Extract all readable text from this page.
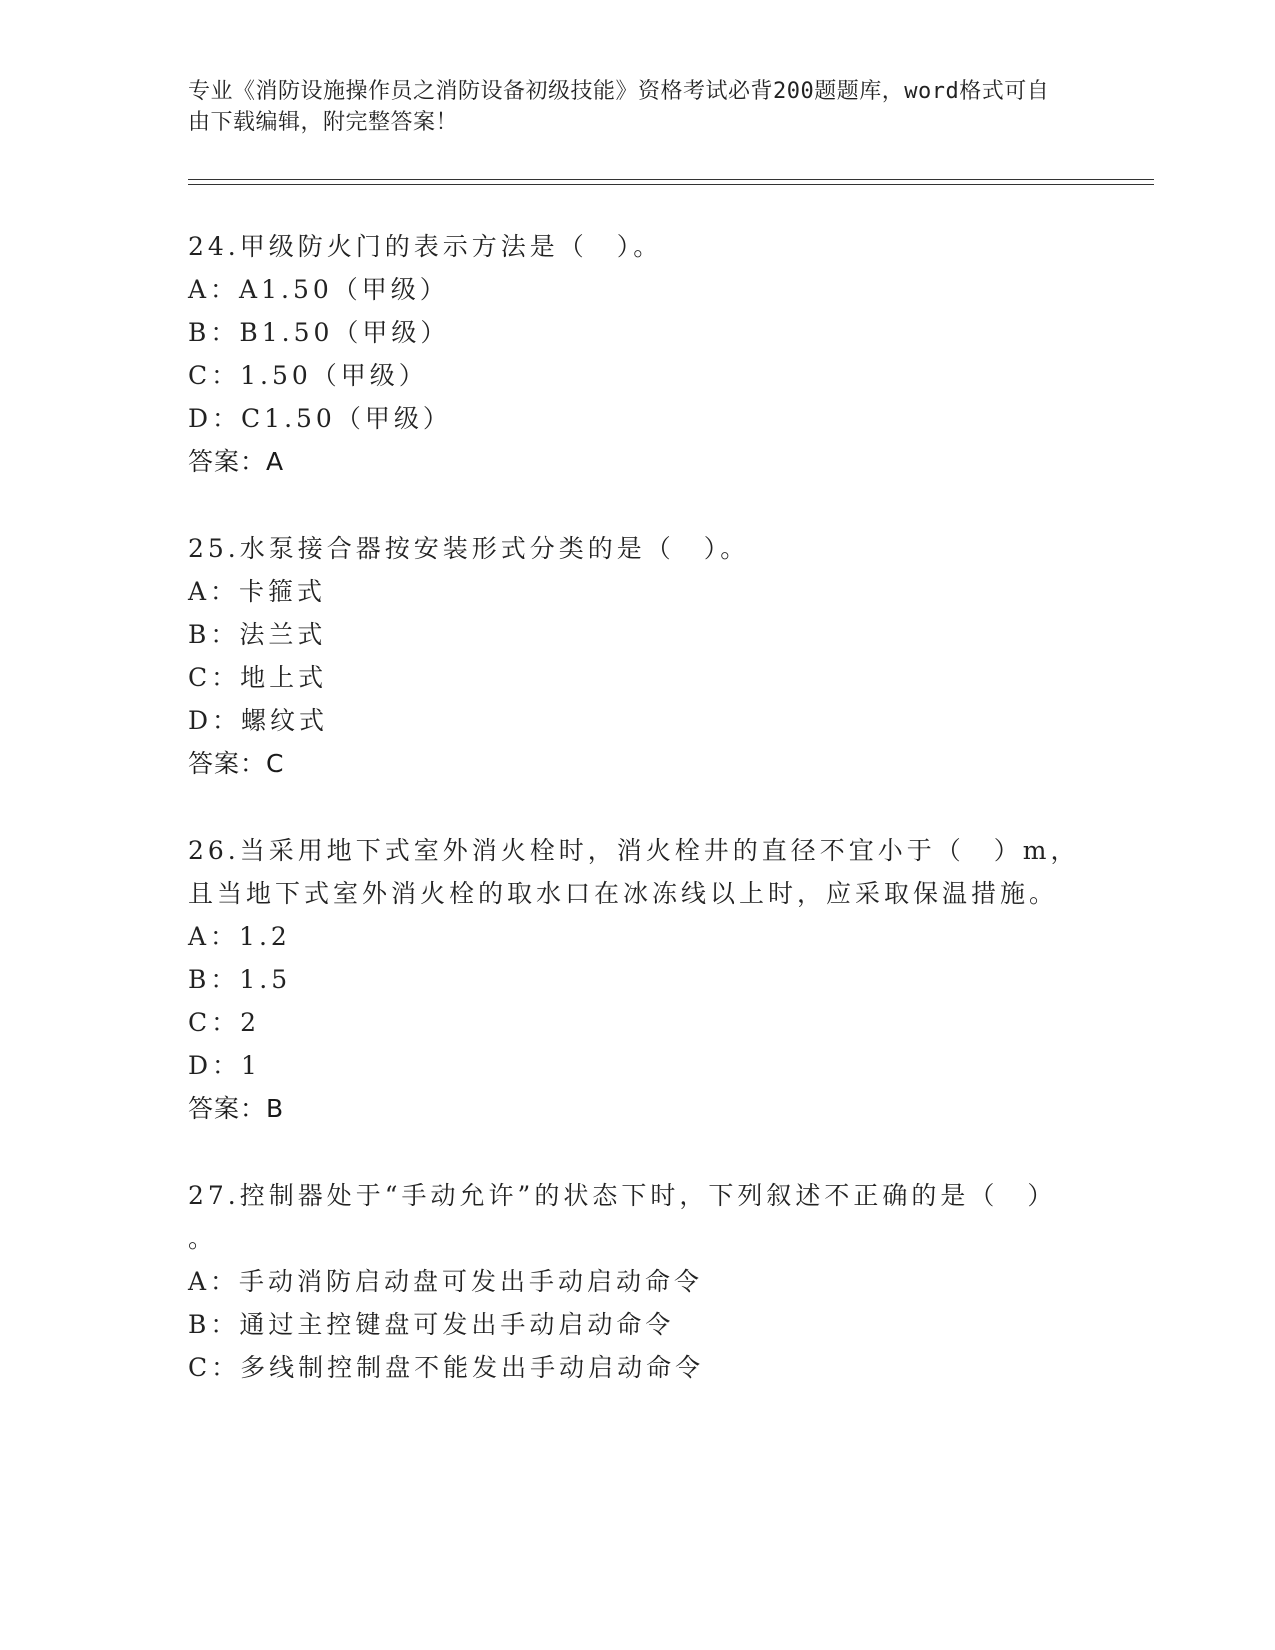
专业《消防设施操作员之消防设备初级技能》资格考试必背200题题库，word格式可自由下载编辑，附完整答案！
24.甲级防火门的表示方法是（　）。
A：A1.50（甲级）
B：B1.50（甲级）
C：1.50（甲级）
D：C1.50（甲级）
答案：A
25.水泵接合器按安装形式分类的是（　）。
A：卡箍式
B：法兰式
C：地上式
D：螺纹式
答案：C
26.当采用地下式室外消火栓时，消火栓井的直径不宜小于（　）m，
且当地下式室外消火栓的取水口在冰冻线以上时，应采取保温措施。
A：1.2
B：1.5
C：2
D：1
答案：B
27.控制器处于“手动允许”的状态下时，下列叙述不正确的是（　）
。
A：手动消防启动盘可发出手动启动命令
B：通过主控键盘可发出手动启动命令
C：多线制控制盘不能发出手动启动命令
